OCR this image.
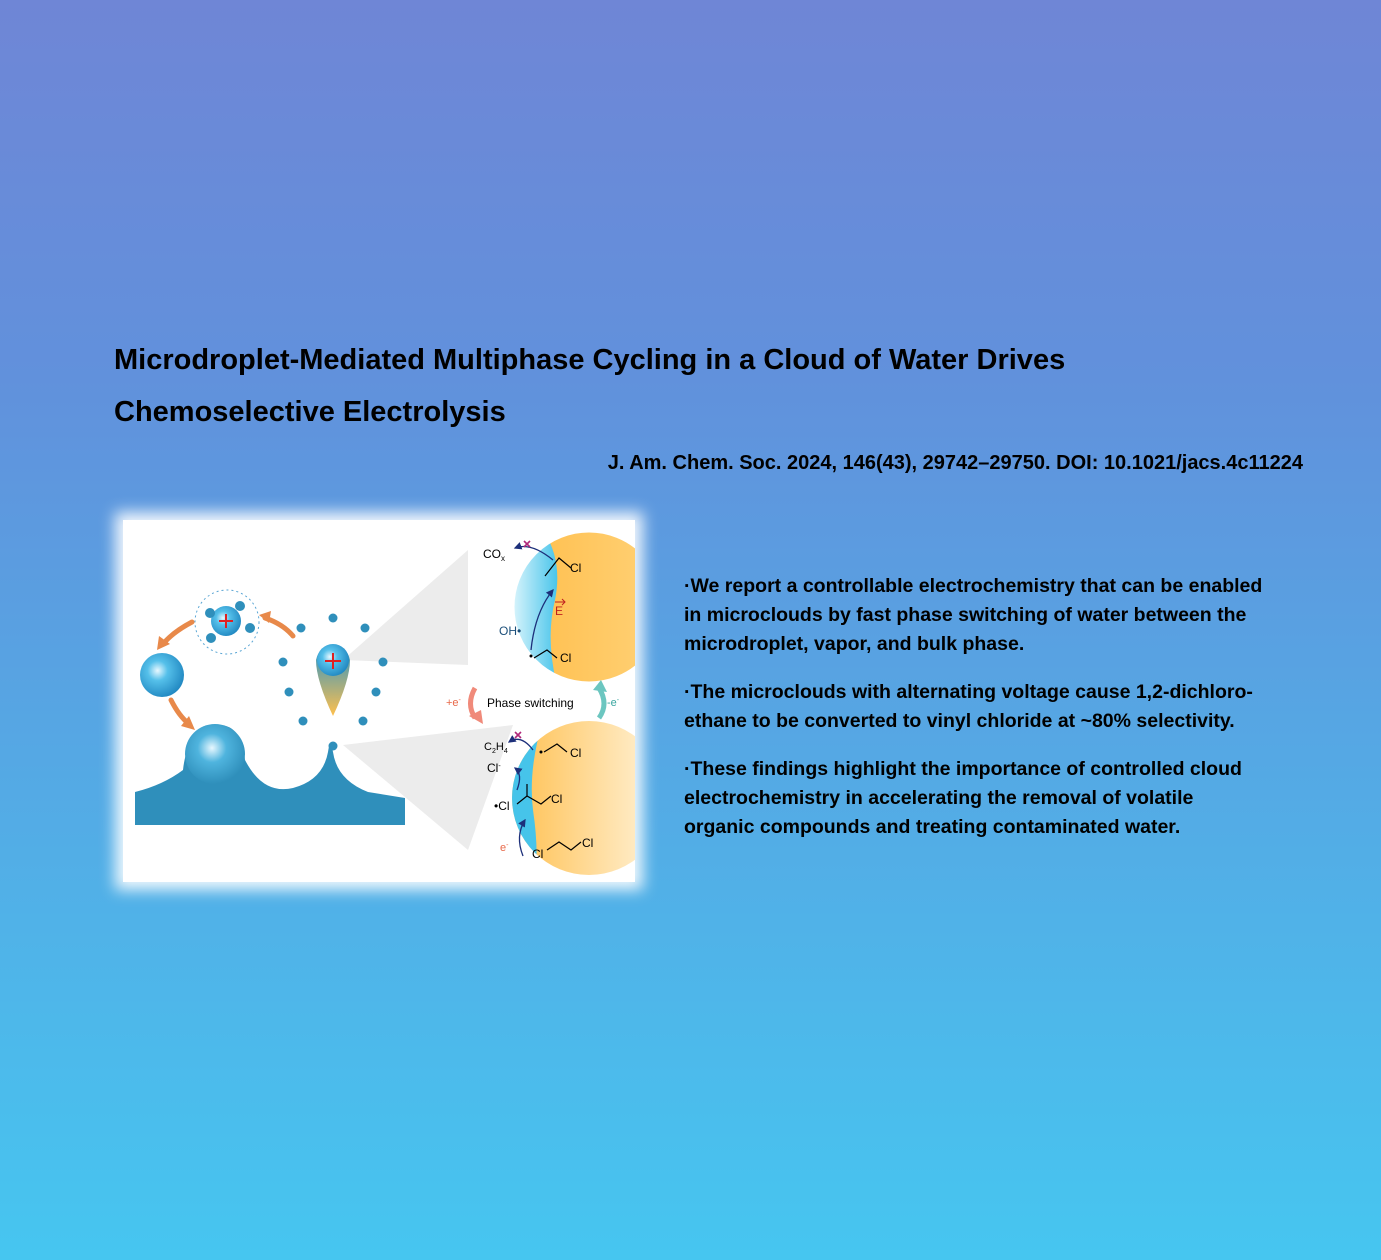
Microdroplet-Mediated Multiphase Cycling in a Cloud of Water Drives Chemoselective Electrolysis
J. Am. Chem. Soc. 2024, 146(43), 29742–29750. DOI: 10.1021/jacs.4c11224
$CO_x$
Cl
OH•
E
Cl
+e- Phase switching	-e-
$C_2H_4$	Cl
Cl-
•Cl	Cl
e-
Cl
Cl

·We report a controllable electrochemistry that can be enabled
in microclouds by fast phase switching of water between the
microdroplet, vapor, and bulk phase.

·The microclouds with alternating voltage cause 1,2-dichloro-
ethane to be converted to vinyl chloride at ~80% selectivity.

·These findings highlight the importance of controlled cloud
electrochemistry in accelerating the removal of volatile
organic compounds and treating contaminated water.
